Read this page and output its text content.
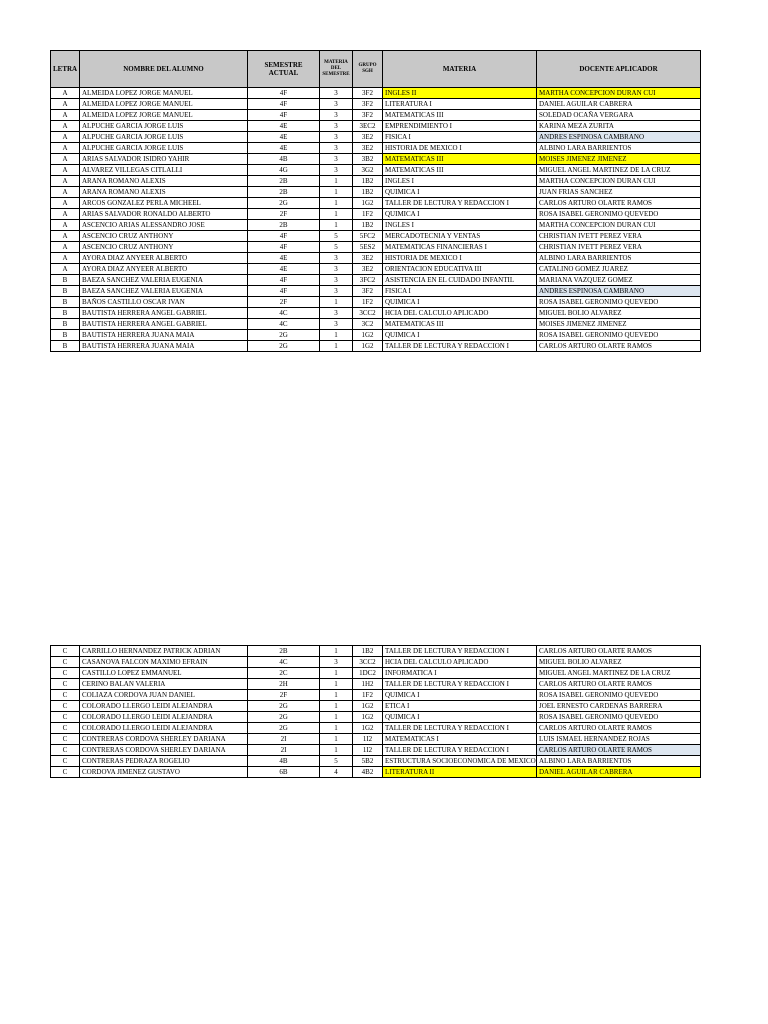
LETRA	NOMBRE DEL ALUMNO	SEMESTRE ACTUAL	MATERIA DEL SEMESTRE	GRUPO SGH	MATERIA	DOCENTE APLICADOR
A	ALMEIDA LOPEZ JORGE MANUEL	4F	3	3F2	INGLES II	MARTHA CONCEPCION DURAN CUI
A	ALMEIDA LOPEZ JORGE MANUEL	4F	3	3F2	LITERATURA I	DANIEL AGUILAR CABRERA
A	ALMEIDA LOPEZ JORGE MANUEL	4F	3	3F2	MATEMATICAS III	SOLEDAD OCAÑA VERGARA
A	ALPUCHE GARCIA JORGE LUIS	4E	3	3EC2	EMPRENDIMIENTO I	KARINA MEZA ZURITA
A	ALPUCHE GARCIA JORGE LUIS	4E	3	3E2	FISICA I	ANDRES ESPINOSA CAMBRANO
A	ALPUCHE GARCIA JORGE LUIS	4E	3	3E2	HISTORIA DE MEXICO I	ALBINO LARA BARRIENTOS
A	ARIAS SALVADOR ISIDRO YAHIR	4B	3	3B2	MATEMATICAS III	MOISES JIMENEZ JIMENEZ
A	ALVAREZ VILLEGAS CITLALLI	4G	3	3G2	MATEMATICAS III	MIGUEL ANGEL MARTINEZ DE LA CRUZ
A	ARANA ROMANO ALEXIS	2B	1	1B2	INGLES I	MARTHA CONCEPCION DURAN CUI
A	ARANA ROMANO ALEXIS	2B	1	1B2	QUIMICA I	JUAN FRIAS SANCHEZ
A	ARCOS GONZALEZ PERLA MICHEEL	2G	1	1G2	TALLER DE LECTURA Y REDACCION I	CARLOS ARTURO OLARTE RAMOS
A	ARIAS SALVADOR RONALDO ALBERTO	2F	1	1F2	QUIMICA I	ROSA ISABEL GERONIMO QUEVEDO
A	ASCENCIO ARIAS ALESSANDRO JOSE	2B	1	1B2	INGLES I	MARTHA CONCEPCION DURAN CUI
A	ASCENCIO CRUZ ANTHONY	4F	5	5FC2	MERCADOTECNIA Y VENTAS	CHRISTIAN IVETT PEREZ VERA
A	ASCENCIO CRUZ ANTHONY	4F	5	5ES2	MATEMATICAS FINANCIERAS I	CHRISTIAN IVETT PEREZ VERA
A	AYORA DIAZ ANYEER ALBERTO	4E	3	3E2	HISTORIA DE MEXICO I	ALBINO LARA BARRIENTOS
A	AYORA DIAZ ANYEER ALBERTO	4E	3	3E2	ORIENTACION EDUCATIVA III	CATALINO GOMEZ JUAREZ
B	BAEZA SANCHEZ VALERIA EUGENIA	4F	3	3FC2	ASISTENCIA EN EL CUIDADO INFANTIL	MARIANA VAZQUEZ GOMEZ
B	BAEZA SANCHEZ VALERIA EUGENIA	4F	3	3F2	FISICA I	ANDRES ESPINOSA CAMBRANO
B	BAÑOS CASTILLO OSCAR IVAN	2F	1	1F2	QUIMICA I	ROSA ISABEL GERONIMO QUEVEDO
B	BAUTISTA HERRERA ANGEL GABRIEL	4C	3	3CC2	HCIA DEL CALCULO APLICADO	MIGUEL BOLIO ALVAREZ
B	BAUTISTA HERRERA ANGEL GABRIEL	4C	3	3C2	MATEMATICAS III	MOISES JIMENEZ JIMENEZ
B	BAUTISTA HERRERA JUANA MAIA	2G	1	1G2	QUIMICA I	ROSA ISABEL GERONIMO QUEVEDO
B	BAUTISTA HERRERA JUANA MAIA	2G	1	1G2	TALLER DE LECTURA Y REDACCION I	CARLOS ARTURO OLARTE RAMOS
C	CARRILLO HERNANDEZ PATRICK ADRIAN	2B	1	1B2	TALLER DE LECTURA Y REDACCION I	CARLOS ARTURO OLARTE RAMOS
C	CASANOVA FALCON MAXIMO EFRAIN	4C	3	3CC2	HCIA DEL CALCULO APLICADO	MIGUEL BOLIO ALVAREZ
C	CASTILLO LOPEZ EMMANUEL	2C	1	1DC2	INFORMATICA I	MIGUEL ANGEL MARTINEZ DE LA CRUZ
C	CERINO BALAN VALERIA	2H	1	1H2	TALLER DE LECTURA Y REDACCION I	CARLOS ARTURO OLARTE RAMOS
C	COLIAZA CORDOVA JUAN DANIEL	2F	1	1F2	QUIMICA I	ROSA ISABEL GERONIMO QUEVEDO
C	COLORADO LLERGO LEIDI ALEJANDRA	2G	1	1G2	ETICA I	JOEL ERNESTO CARDENAS BARRERA
C	COLORADO LLERGO LEIDI ALEJANDRA	2G	1	1G2	QUIMICA I	ROSA ISABEL GERONIMO QUEVEDO
C	COLORADO LLERGO LEIDI ALEJANDRA	2G	1	1G2	TALLER DE LECTURA Y REDACCION I	CARLOS ARTURO OLARTE RAMOS
C	CONTRERAS CORDOVA SHERLEY DARIANA	2I	1	1I2	MATEMATICAS I	LUIS ISMAEL HERNANDEZ ROJAS
C	CONTRERAS CORDOVA SHERLEY DARIANA	2I	1	1I2	TALLER DE LECTURA Y REDACCION I	CARLOS ARTURO OLARTE RAMOS
C	CONTRERAS PEDRAZA ROGELIO	4B	5	5B2	ESTRUCTURA SOCIOECONOMICA DE MEXICO	ALBINO LARA BARRIENTOS
C	CORDOVA JIMENEZ GUSTAVO	6B	4	4B2	LITERATURA II	DANIEL AGUILAR CABRERA
